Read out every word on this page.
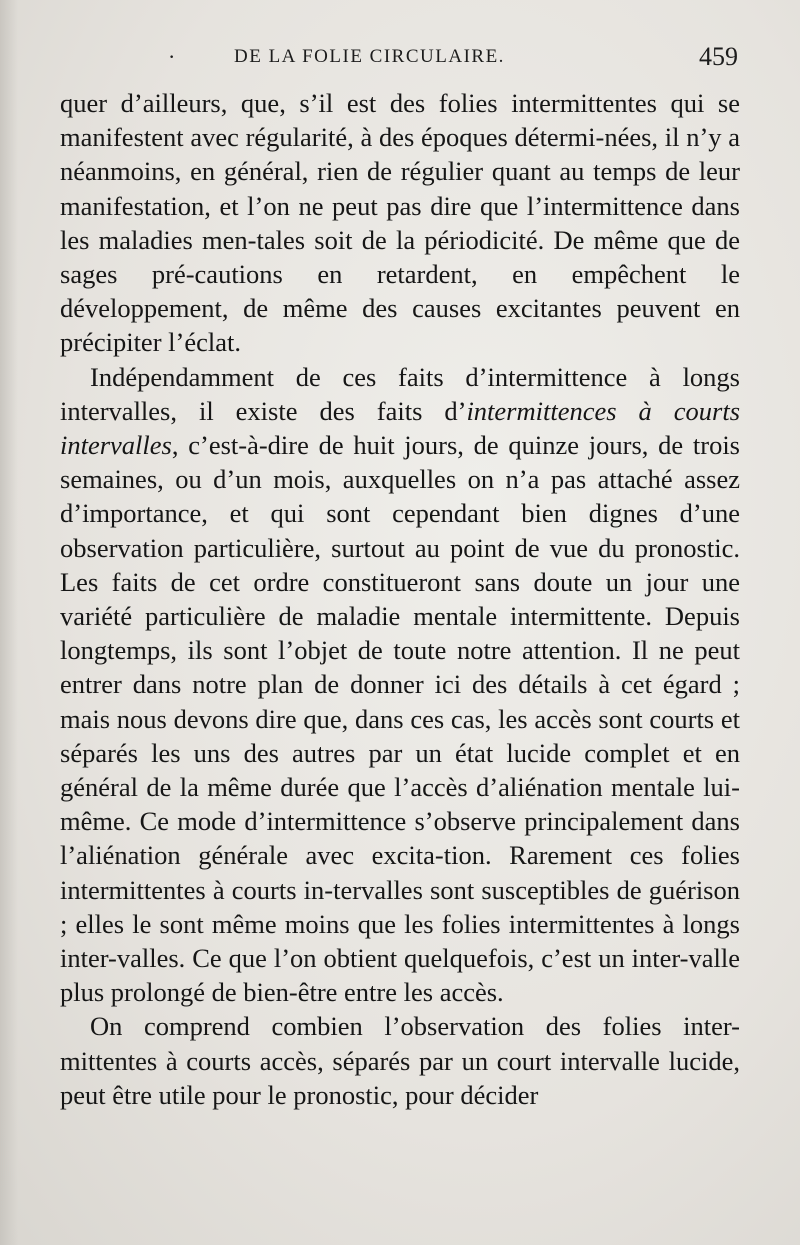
·	DE LA FOLIE CIRCULAIRE.	459

quer d’ailleurs, que, s’il est des folies intermittentes qui se manifestent avec régularité, à des époques détermi-nées, il n’y a néanmoins, en général, rien de régulier quant au temps de leur manifestation, et l’on ne peut pas dire que l’intermittence dans les maladies men-tales soit de la périodicité. De même que de sages pré-cautions en retardent, en empêchent le développement, de même des causes excitantes peuvent en précipiter l’éclat.

Indépendamment de ces faits d’intermittence à longs intervalles, il existe des faits d’intermittences à courts intervalles, c’est-à-dire de huit jours, de quinze jours, de trois semaines, ou d’un mois, auxquelles on n’a pas attaché assez d’importance, et qui sont cependant bien dignes d’une observation particulière, surtout au point de vue du pronostic. Les faits de cet ordre constitueront sans doute un jour une variété particulière de maladie mentale intermittente. Depuis longtemps, ils sont l’objet de toute notre attention. Il ne peut entrer dans notre plan de donner ici des détails à cet égard ; mais nous devons dire que, dans ces cas, les accès sont courts et séparés les uns des autres par un état lucide complet et en général de la même durée que l’accès d’aliénation mentale lui-même. Ce mode d’intermittence s’observe principalement dans l’aliénation générale avec excita-tion. Rarement ces folies intermittentes à courts in-tervalles sont susceptibles de guérison ; elles le sont même moins que les folies intermittentes à longs inter-valles. Ce que l’on obtient quelquefois, c’est un inter-valle plus prolongé de bien-être entre les accès.

On comprend combien l’observation des folies inter-mittentes à courts accès, séparés par un court intervalle lucide, peut être utile pour le pronostic, pour décider
